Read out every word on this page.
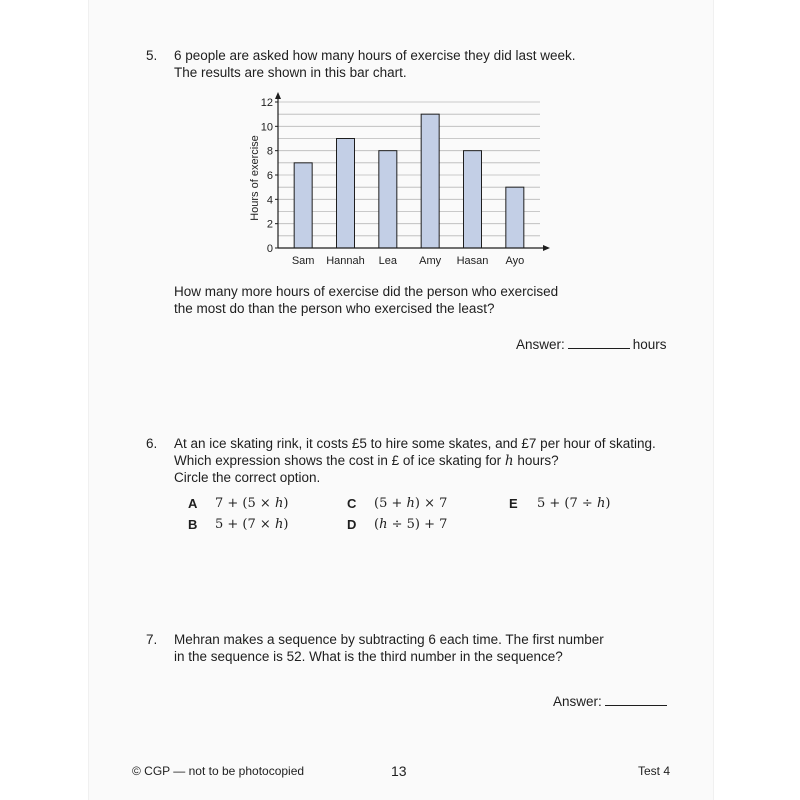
5. 6 people are asked how many hours of exercise they did last week.
The results are shown in this bar chart.
0
2
4
6
8
10
12
Sam Hannah Lea Amy Hasan Ayo
Hours of exercise
How many more hours of exercise did the person who exercised
the most do than the person who exercised the least?
Answer:	hours
6. At an ice skating rink, it costs £5 to hire some skates, and £7 per hour of skating.
Which expression shows the cost in £ of ice skating for h hours?
Circle the correct option.
A 7 + (5 × h)
B 5 + (7 × h)
C (5 + h) × 7
D (h ÷ 5) + 7
E 5 + (7 ÷ h)
7. Mehran makes a sequence by subtracting 6 each time. The first number
in the sequence is 52. What is the third number in the sequence?
Answer:
© CGP — not to be photocopied	13	Test 4
